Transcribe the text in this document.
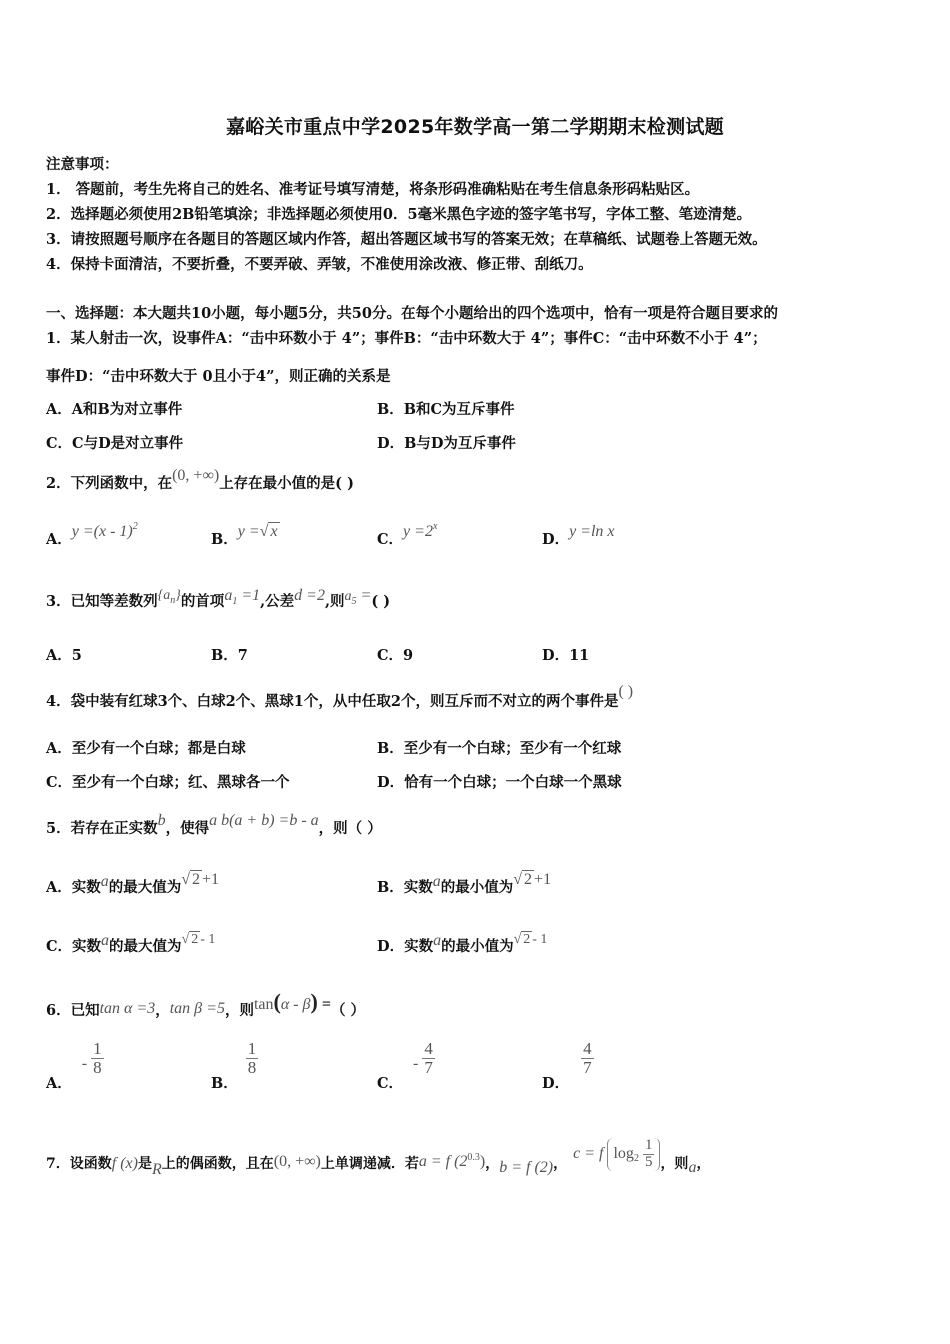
嘉峪关市重点中学2025年数学高一第二学期期末检测试题
注意事项：
1． 答题前，考生先将自己的姓名、准考证号填写清楚，将条形码准确粘贴在考生信息条形码粘贴区。
2．选择题必须使用2B铅笔填涂；非选择题必须使用0．5毫米黑色字迹的签字笔书写，字体工整、笔迹清楚。
3．请按照题号顺序在各题目的答题区域内作答，超出答题区域书写的答案无效；在草稿纸、试题卷上答题无效。
4．保持卡面清洁，不要折叠，不要弄破、弄皱，不准使用涂改液、修正带、刮纸刀。
一、选择题：本大题共10小题，每小题5分，共50分。在每个小题给出的四个选项中，恰有一项是符合题目要求的
1．某人射击一次，设事件A：“击中环数小于 4”；事件B：“击中环数大于 4”；事件C：“击中环数不小于 4”；
事件D：“击中环数大于 0且小于4”，则正确的关系是
A．A和B为对立事件	B．B和C为互斥事件
C．C与D是对立事件	D．B与D为互斥事件
2．下列函数中，在(0, +∞)上存在最小值的是( )
A．y =(x - 1)$^2$
B．y =√ x	C．$y =2^x$
D．y =ln x
3．已知等差数列$\{a_n\}$的首项$a_1 =1$,公差d =2,则$a_5$ =( )
A．5	B．7	C．9	D．11
4．袋中装有红球3个、白球2个、黑球1个，从中任取2个，则互斥而不对立的两个事件是( )
A．至少有一个白球；都是白球	B．至少有一个白球；至少有一个红球
C．至少有一个白球；红、黑球各一个	D．恰有一个白球；一个白球一个黑球
5．若存在正实数b，使得a b(a + b) =b - a，则（ ）
A．实数a的最大值为√ 2 +1	B．实数a的最小值为√ 2 +1
C．实数a的最大值为√ 2 - 1	D．实数a的最小值为√ 2 - 1
6．已知tan α =3，tan β =5，则tan(α - β) =（ ）
A．- $\frac{1}{8}$
B．
$\frac{1}{8}$
C．- $\frac{4}{7}$
D．
$\frac{4}{7}$
7．设函数f (x)是R上的偶函数，且在(0, +∞)上单调递减．若a = f $(2_{0.3})$，b = f (2)，c = f $\log 2 \frac{1}{5}$ ，则a，
